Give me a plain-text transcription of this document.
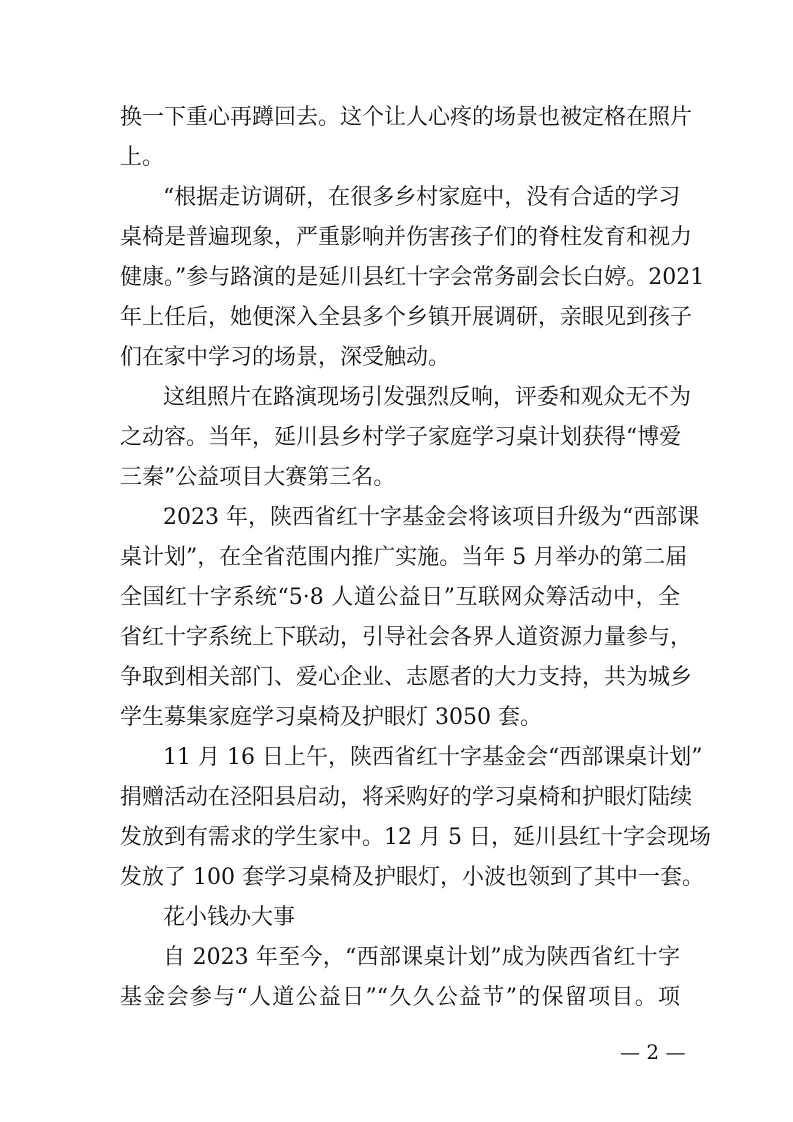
换一下重心再蹲回去。这个让人心疼的场景也被定格在照片
上。
“根据走访调研，在很多乡村家庭中，没有合适的学习
桌椅是普遍现象，严重影响并伤害孩子们的脊柱发育和视力
健康。”参与路演的是延川县红十字会常务副会长白婷。2021
年上任后，她便深入全县多个乡镇开展调研，亲眼见到孩子
们在家中学习的场景，深受触动。
这组照片在路演现场引发强烈反响，评委和观众无不为
之动容。当年，延川县乡村学子家庭学习桌计划获得“博爱
三秦”公益项目大赛第三名。
2023 年，陕西省红十字基金会将该项目升级为“西部课
桌计划”，在全省范围内推广实施。当年 5 月举办的第二届
全国红十字系统“5·8 人道公益日”互联网众筹活动中，全
省红十字系统上下联动，引导社会各界人道资源力量参与，
争取到相关部门、爱心企业、志愿者的大力支持，共为城乡
学生募集家庭学习桌椅及护眼灯 3050 套。
11 月 16 日上午，陕西省红十字基金会“西部课桌计划”
捐赠活动在泾阳县启动，将采购好的学习桌椅和护眼灯陆续
发放到有需求的学生家中。12 月 5 日，延川县红十字会现场
发放了 100 套学习桌椅及护眼灯，小波也领到了其中一套。
花小钱办大事
自 2023 年至今，“西部课桌计划”成为陕西省红十字
基金会参与“人道公益日”“久久公益节”的保留项目。项
— 2 —
